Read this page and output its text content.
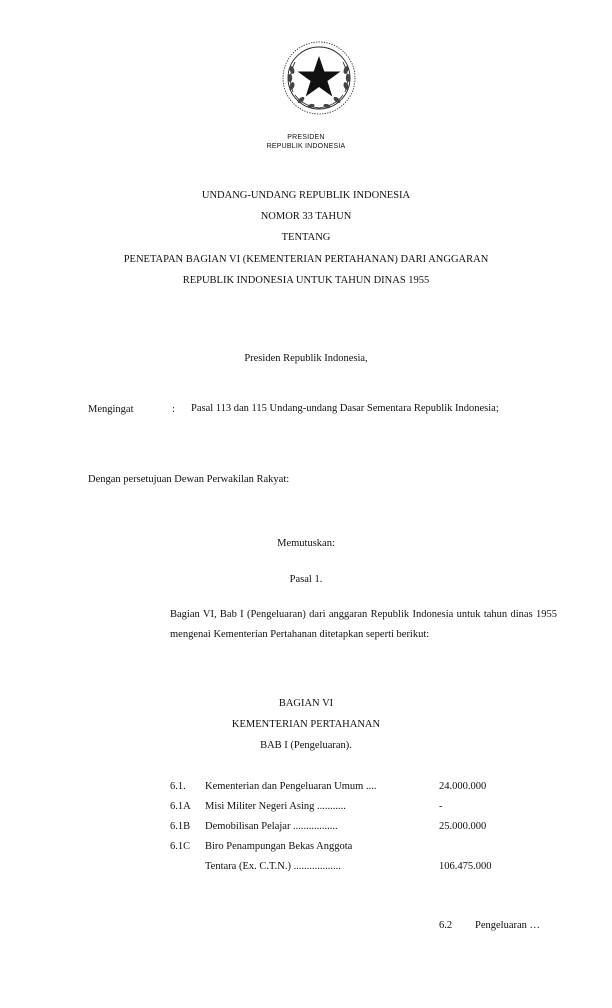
PRESIDEN
REPUBLIK INDONESIA
UNDANG-UNDANG REPUBLIK INDONESIA
NOMOR 33 TAHUN
TENTANG
PENETAPAN BAGIAN VI (KEMENTERIAN PERTAHANAN) DARI ANGGARAN
REPUBLIK INDONESIA UNTUK TAHUN DINAS 1955
Presiden Republik Indonesia,
Mengingat	: Pasal 113 dan 115 Undang-undang Dasar Sementara Republik Indonesia;
Dengan persetujuan Dewan Perwakilan Rakyat:
Memutuskan:
Pasal 1.
Bagian VI, Bab I (Pengeluaran) dari anggaran Republik Indonesia untuk tahun dinas 1955 mengenai Kementerian Pertahanan ditetapkan seperti berikut:
BAGIAN VI
KEMENTERIAN PERTAHANAN
BAB I (Pengeluaran).
6.1. Kementerian dan Pengeluaran Umum ....	24.000.000
6.1A Misi Militer Negeri Asing ...........	-
6.1B Demobilisan Pelajar .................	25.000.000
6.1C Biro Penampungan Bekas Anggota
Tentara (Ex. C.T.N.) ..................	106.475.000
6.2 Pengeluaran …
